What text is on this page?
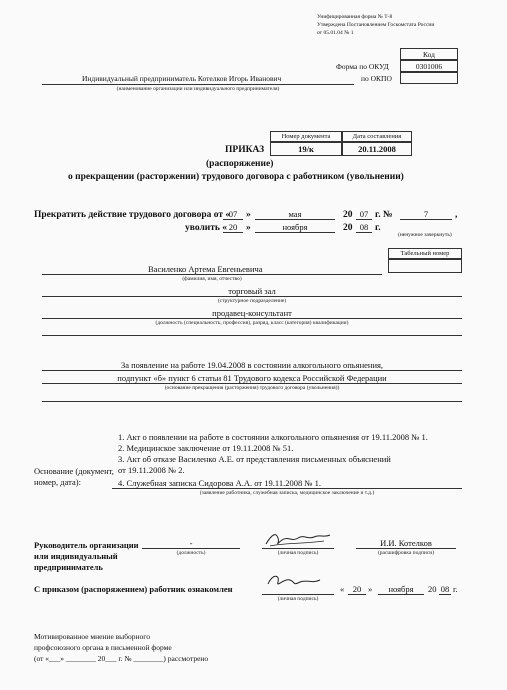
Унифицированная форма № Т-8
Утверждена Постановлением Госкомстата России
от 05.01.04 № 1
Код
0301006
Форма по ОКУД
по ОКПО
Индивидуальный предприниматель Котелков Игорь Иванович
(наименование организации или индивидуального предпринимателя)
Номер документа	Дата составления
19/к	20.11.2008
ПРИКАЗ
(распоряжение)
о прекращении (расторжении) трудового договора с работником (увольнении)
Прекратить действие трудового договора от «
07 »	мая	20 07 г. №	7	,
уволить « 20 »	ноября	20 08 г.
(ненужное зачеркнуть)
Табельный номер
Василенко Артема Евгеньевича
(фамилия, имя, отчество)
торговый зал
(структурное подразделение)
продавец-консультант
(должность (специальность, профессия), разряд, класс (категория) квалификации)
За появление на работе 19.04.2008 в состоянии алкогольного опьянения,
подпункт «б» пункт 6 статьи 81 Трудового кодекса Российской Федерации
(основание прекращения (расторжения) трудового договора (увольнения))
1. Акт о появлении на работе в состоянии алкогольного опьянения от 19.11.2008 № 1.
2. Медицинское заключение от 19.11.2008 № 51.
3. Акт об отказе Василенко А.Е. от представления письменных объяснений
от 19.11.2008 № 2.
4. Служебная записка Сидорова А.А. от 19.11.2008 № 1.
(заявление работника, служебная записка, медицинское заключение и т.д.)
Основание (документ,
номер, дата):
Руководитель организации
или индивидуальный
предприниматель
-
(должность)	(личная подпись)
И.И. Котелков
(расшифровка подписи)
С приказом (распоряжением) работник ознакомлен
(личная подпись)
«	20 »	ноября	20 08 г.
Мотивированное мнение выборного
профсоюзного органа в письменной форме
(от «___» ________ 20___ г. № ________) рассмотрено
